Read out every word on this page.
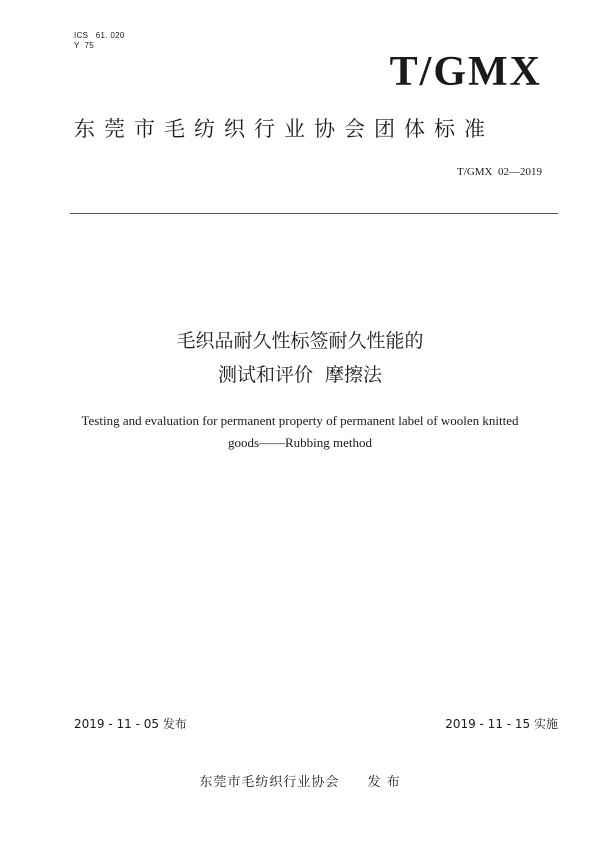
ICS   61. 020
Y  75
T/GMX
东莞市毛纺织行业协会团体标准
T/GMX  02—2019
毛织品耐久性标签耐久性能的
测试和评价  摩擦法
Testing and evaluation for permanent property of permanent label of woolen knitted
goods——Rubbing method
2019 - 11 - 05 发布	2019 - 11 - 15 实施
东莞市毛纺织行业协会 发 布
